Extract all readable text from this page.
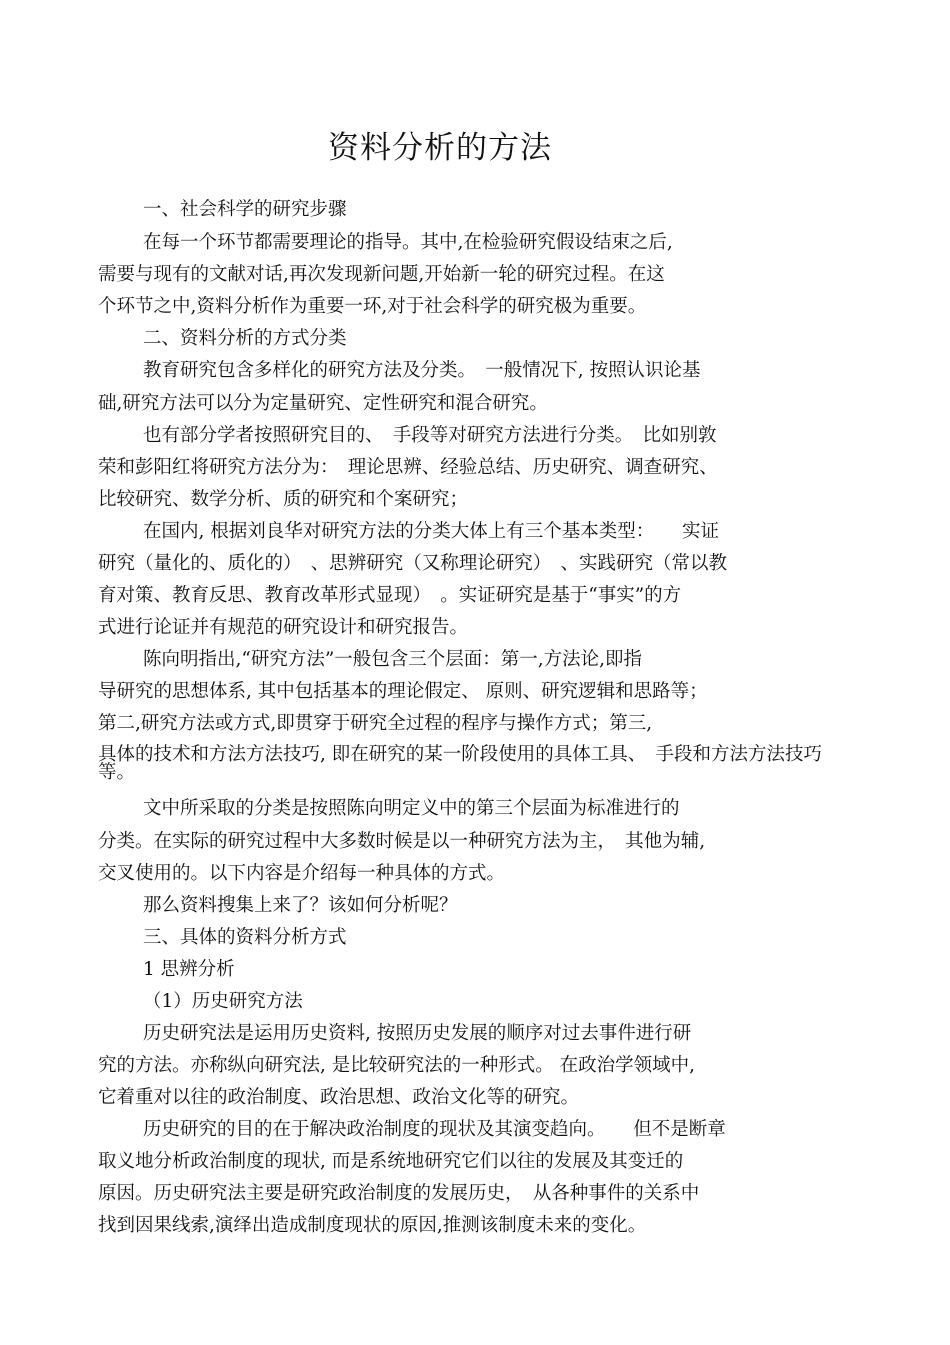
资料分析的方法

一、社会科学的研究步骤

在每一个环节都需要理论的指导。其中,在检验研究假设结束之后,

需要与现有的文献对话,再次发现新问题,开始新一轮的研究过程。在这

个环节之中,资料分析作为重要一环,对于社会科学的研究极为重要。

二、资料分析的方式分类

教育研究包含多样化的研究方法及分类。　一般情况下, 按照认识论基

础,研究方法可以分为定量研究、定性研究和混合研究。

也有部分学者按照研究目的、　手段等对研究方法进行分类。　比如别敦

荣和彭阳红将研究方法分为：　理论思辨、经验总结、历史研究、调查研究、

比较研究、数学分析、质的研究和个案研究；

在国内, 根据刘良华对研究方法的分类大体上有三个基本类型：　　实证

研究（量化的、质化的）　、思辨研究（又称理论研究）　、实践研究（常以教

育对策、教育反思、教育改革形式显现）　。实证研究是基于“事实”的方

式进行论证并有规范的研究设计和研究报告。

陈向明指出,“研究方法”一般包含三个层面：第一,方法论,即指

导研究的思想体系, 其中包括基本的理论假定、 原则、研究逻辑和思路等；

第二,研究方法或方式,即贯穿于研究全过程的程序与操作方式；第三,

具体的技术和方法方法技巧, 即在研究的某一阶段使用的具体工具、　手段和方法方法技巧

等。

文中所采取的分类是按照陈向明定义中的第三个层面为标准进行的

分类。在实际的研究过程中大多数时候是以一种研究方法为主，　其他为辅,

交叉使用的。以下内容是介绍每一种具体的方式。

那么资料搜集上来了？该如何分析呢？

三、具体的资料分析方式

1 思辨分析

（1）历史研究方法

历史研究法是运用历史资料, 按照历史发展的顺序对过去事件进行研

究的方法。亦称纵向研究法, 是比较研究法的一种形式。 在政治学领域中,

它着重对以往的政治制度、政治思想、政治文化等的研究。

历史研究的目的在于解决政治制度的现状及其演变趋向。　　但不是断章

取义地分析政治制度的现状, 而是系统地研究它们以往的发展及其变迁的

原因。历史研究法主要是研究政治制度的发展历史，　从各种事件的关系中

找到因果线索,演绎出造成制度现状的原因,推测该制度未来的变化。
